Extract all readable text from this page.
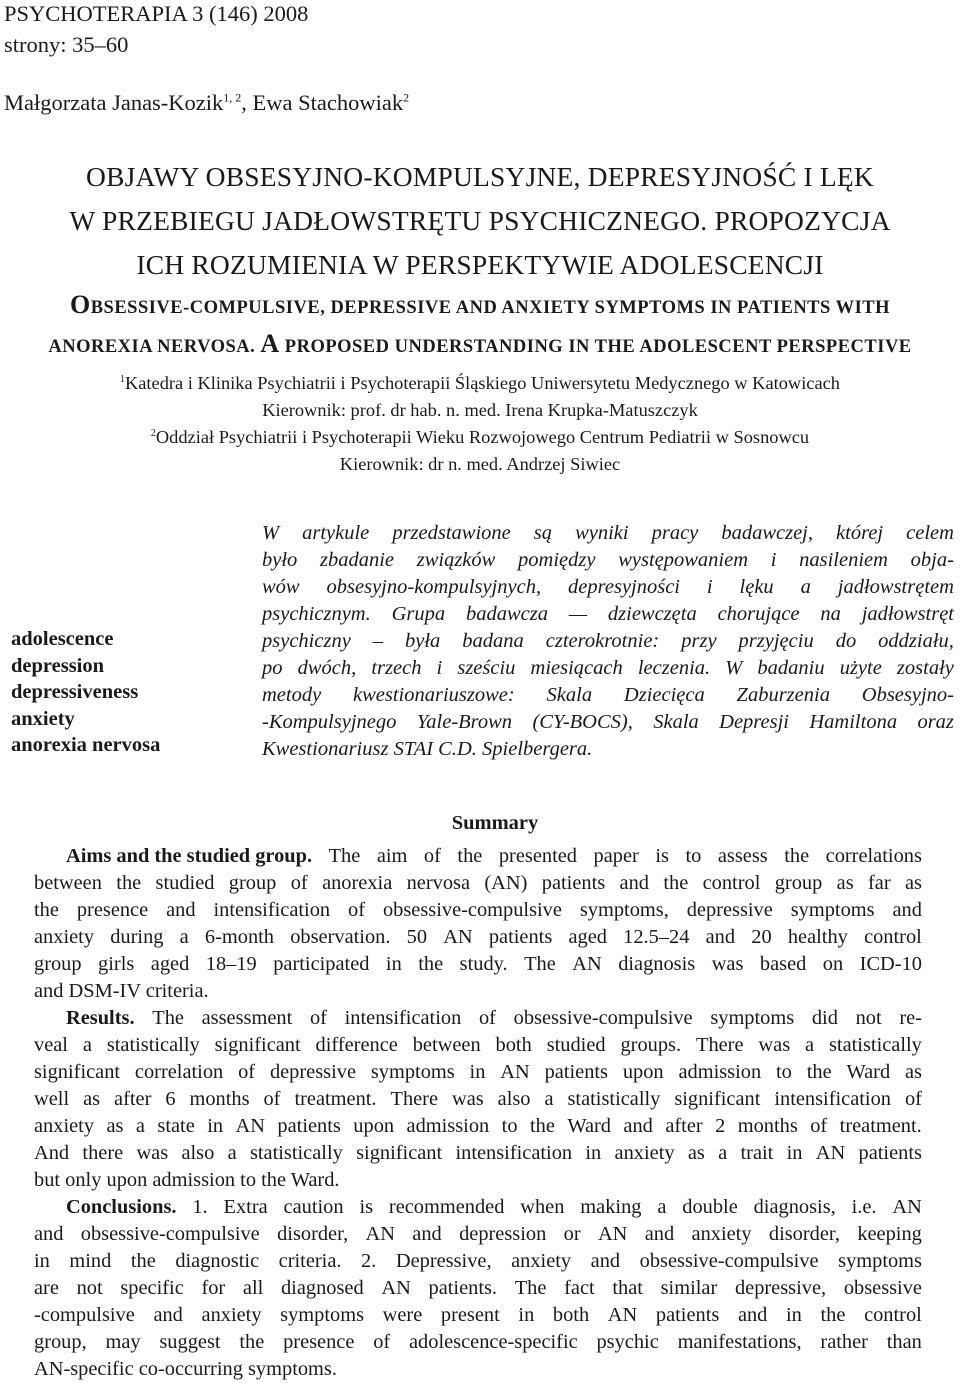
PSYCHOTERAPIA 3 (146) 2008
strony: 35–60
Małgorzata Janas-Kozik$^{1, 2}$, Ewa Stachowiak$^2$
OBJAWY OBSESYJNO-KOMPULSYJNE, DEPRESYJNOŚĆ I LĘK
W PRZEBIEGU JADŁOWSTRĘTU PSYCHICZNEGO. PROPOZYCJA
ICH ROZUMIENIA W PERSPEKTYWIE ADOLESCENCJI
OBSESSIVE-COMPULSIVE, DEPRESSIVE AND ANXIETY SYMPTOMS IN PATIENTS WITH
ANOREXIA NERVOSA. A PROPOSED UNDERSTANDING IN THE ADOLESCENT PERSPECTIVE
$^1$Katedra i Klinika Psychiatrii i Psychoterapii Śląskiego Uniwersytetu Medycznego w Katowicach
Kierownik: prof. dr hab. n. med. Irena Krupka-Matuszczyk
$^2$Oddział Psychiatrii i Psychoterapii Wieku Rozwojowego Centrum Pediatrii w Sosnowcu
Kierownik: dr n. med. Andrzej Siwiec
adolescence
depression
depressiveness
anxiety
anorexia nervosa
W artykule przedstawione są wyniki pracy badawczej, której celem
było zbadanie związków pomiędzy występowaniem i nasileniem obja-
wów obsesyjno-kompulsyjnych, depresyjności i lęku a jadłowstrętem
psychicznym. Grupa badawcza — dziewczęta chorujące na jadłowstręt
psychiczny – była badana czterokrotnie: przy przyjęciu do oddziału,
po dwóch, trzech i sześciu miesiącach leczenia. W badaniu użyte zostały
metody kwestionariuszowe: Skala Dziecięca Zaburzenia Obsesyjno-
-Kompulsyjnego Yale-Brown (CY-BOCS), Skala Depresji Hamiltona oraz
Kwestionariusz STAI C.D. Spielbergera.
Summary
Aims and the studied group. The aim of the presented paper is to assess the correlations
between the studied group of anorexia nervosa (AN) patients and the control group as far as
the presence and intensification of obsessive-compulsive symptoms, depressive symptoms and
anxiety during a 6-month observation. 50 AN patients aged 12.5–24 and 20 healthy control
group girls aged 18–19 participated in the study. The AN diagnosis was based on ICD-10
and DSM-IV criteria.
Results. The assessment of intensification of obsessive-compulsive symptoms did not re-
veal a statistically significant difference between both studied groups. There was a statistically
significant correlation of depressive symptoms in AN patients upon admission to the Ward as
well as after 6 months of treatment. There was also a statistically significant intensification of
anxiety as a state in AN patients upon admission to the Ward and after 2 months of treatment.
And there was also a statistically significant intensification in anxiety as a trait in AN patients
but only upon admission to the Ward.
Conclusions. 1. Extra caution is recommended when making a double diagnosis, i.e. AN
and obsessive-compulsive disorder, AN and depression or AN and anxiety disorder, keeping
in mind the diagnostic criteria. 2. Depressive, anxiety and obsessive-compulsive symptoms
are not specific for all diagnosed AN patients. The fact that similar depressive, obsessive
-compulsive and anxiety symptoms were present in both AN patients and in the control
group, may suggest the presence of adolescence-specific psychic manifestations, rather than
AN-specific co-occurring symptoms.
